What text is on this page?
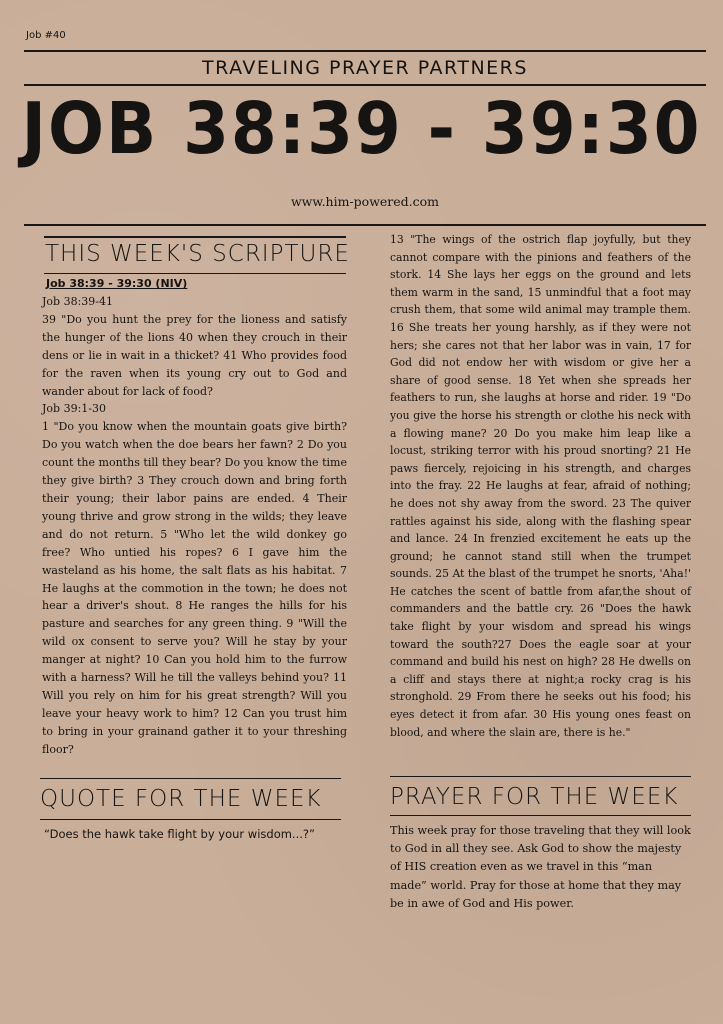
Job #40
TRAVELING PRAYER PARTNERS
JOB 38:39 - 39:30
www.him-powered.com
THIS WEEK'S SCRIPTURE
Job 38:39 - 39:30 (NIV)

Job 38:39-41

39 "Do you hunt the prey for the lioness and satisfy the hunger of the lions 40 when they crouch in their dens or lie in wait in a thicket? 41 Who provides food for the raven when its young cry out to God and wander about for lack of food?

Job 39:1-30

1 "Do you know when the mountain goats give birth? Do you watch when the doe bears her fawn? 2 Do you count the months till they bear? Do you know the time they give birth? 3 They crouch down and bring forth their young; their labor pains are ended. 4 Their young thrive and grow strong in the wilds; they leave and do not return. 5 "Who let the wild donkey go free? Who untied his ropes? 6 I gave him the wasteland as his home, the salt flats as his habitat. 7 He laughs at the commotion in the town; he does not hear a driver's shout. 8 He ranges the hills for his pasture and searches for any green thing. 9 "Will the wild ox consent to serve you? Will he stay by your manger at night? 10 Can you hold him to the furrow with a harness? Will he till the valleys behind you? 11 Will you rely on him for his great strength? Will you leave your heavy work to him? 12 Can you trust him to bring in your grainand gather it to your threshing floor?

13 "The wings of the ostrich flap joyfully, but they cannot compare with the pinions and feathers of the stork. 14 She lays her eggs on the ground and lets them warm in the sand, 15 unmindful that a foot may crush them, that some wild animal may trample them. 16 She treats her young harshly, as if they were not hers; she cares not that her labor was in vain, 17 for God did not endow her with wisdom or give her a share of good sense. 18 Yet when she spreads her feathers to run, she laughs at horse and rider. 19 "Do you give the horse his strength or clothe his neck with a flowing mane? 20 Do you make him leap like a locust, striking terror with his proud snorting? 21 He paws fiercely, rejoicing in his strength, and charges into the fray. 22 He laughs at fear, afraid of nothing; he does not shy away from the sword. 23 The quiver rattles against his side, along with the flashing spear and lance. 24 In frenzied excitement he eats up the ground; he cannot stand still when the trumpet sounds. 25 At the blast of the trumpet he snorts, 'Aha!' He catches the scent of battle from afar,the shout of commanders and the battle cry. 26 "Does the hawk take flight by your wisdom and spread his wings toward the south?27 Does the eagle soar at your command and build his nest on high? 28 He dwells on a cliff and stays there at night;a rocky crag is his stronghold. 29 From there he seeks out his food; his eyes detect it from afar. 30 His young ones feast on blood, and where the slain are, there is he."

QUOTE FOR THE WEEK
“Does the hawk take flight by your wisdom...?”
PRAYER FOR THE WEEK
This week pray for those traveling that they will look to God in all they see. Ask God to show the majesty of HIS creation even as we travel in this “man made” world. Pray for those at home that they may be in awe of God and His power.
